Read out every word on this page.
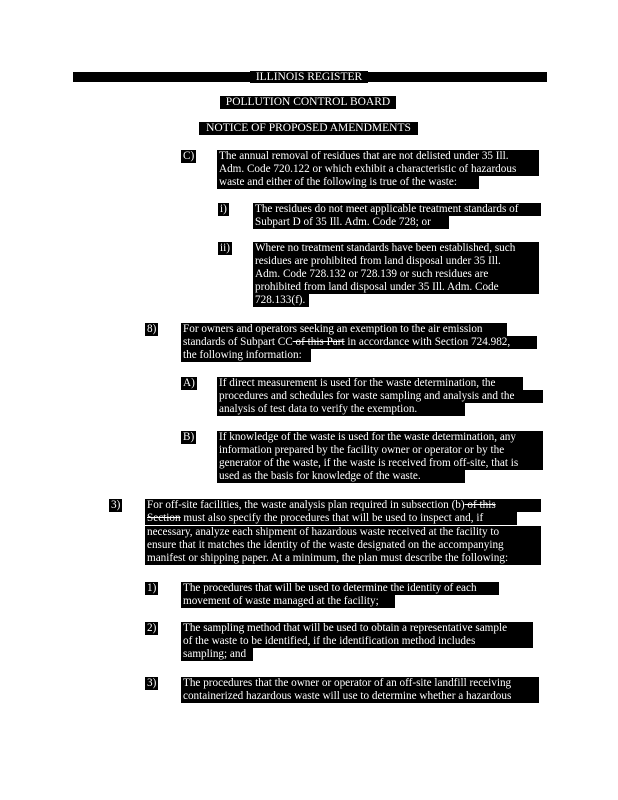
ILLINOIS REGISTER
POLLUTION CONTROL BOARD
NOTICE OF PROPOSED AMENDMENTS
C) The annual removal of residues that are not delisted under 35 Ill.
Adm. Code 720.122 or which exhibit a characteristic of hazardous
waste and either of the following is true of the waste:
i)	The residues do not meet applicable treatment standards of
Subpart D of 35 Ill. Adm. Code 728; or
ii) Where no treatment standards have been established, such
residues are prohibited from land disposal under 35 Ill.
Adm. Code 728.132 or 728.139 or such residues are
prohibited from land disposal under 35 Ill. Adm. Code
728.133(f).
8) For owners and operators seeking an exemption to the air emission
standards of Subpart CC of this Part in accordance with Section 724.982,
the following information:
A) If direct measurement is used for the waste determination, the
procedures and schedules for waste sampling and analysis and the
analysis of test data to verify the exemption.
B) If knowledge of the waste is used for the waste determination, any
information prepared by the facility owner or operator or by the
generator of the waste, if the waste is received from off-site, that is
used as the basis for knowledge of the waste.
3) For off-site facilities, the waste analysis plan required in subsection (b) of this
Section must also specify the procedures that will be used to inspect and, if
necessary, analyze each shipment of hazardous waste received at the facility to
ensure that it matches the identity of the waste designated on the accompanying
manifest or shipping paper. At a minimum, the plan must describe the following:
1) The procedures that will be used to determine the identity of each
movement of waste managed at the facility;
2) The sampling method that will be used to obtain a representative sample
of the waste to be identified, if the identification method includes
sampling; and
3) The procedures that the owner or operator of an off-site landfill receiving
containerized hazardous waste will use to determine whether a hazardous
